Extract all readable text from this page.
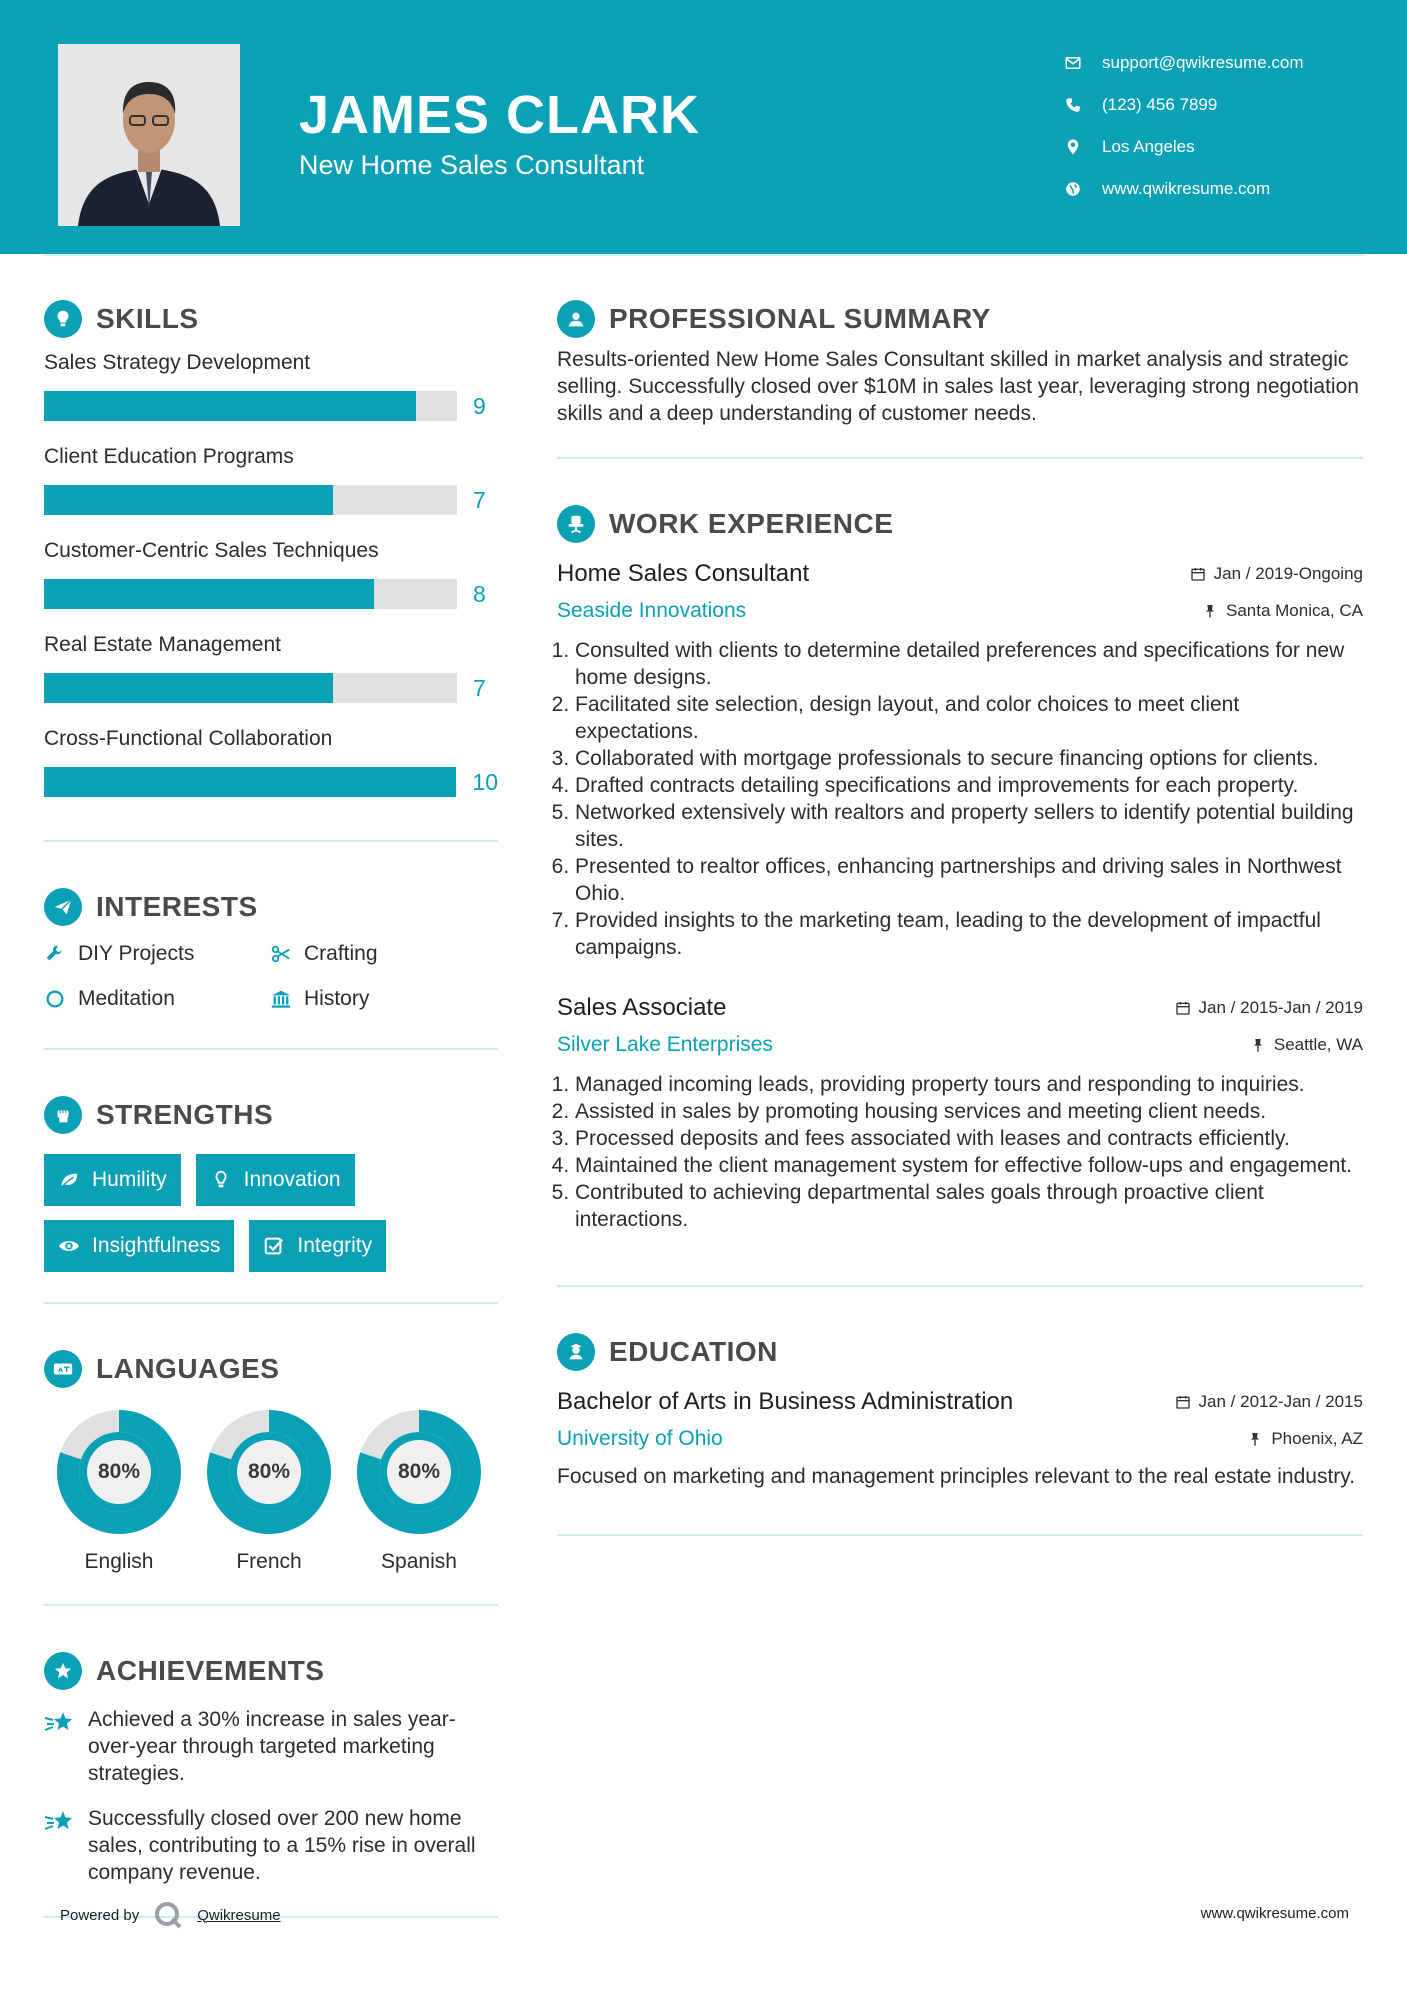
JAMES CLARK
New Home Sales Consultant
support@qwikresume.com
(123) 456 7899
Los Angeles
www.qwikresume.com
SKILLS
Sales Strategy Development
9
Client Education Programs
7
Customer-Centric Sales Techniques
8
Real Estate Management
7
Cross-Functional Collaboration
10
INTERESTS
DIY Projects	Crafting
Meditation	History
STRENGTHS
Humility	Innovation
Insightfulness	Integrity
A LANGUAGES
80%
English
80%
French
80%
Spanish
ACHIEVEMENTS
Achieved a 30% increase in sales year-over-year through targeted marketing strategies.
Successfully closed over 200 new home sales, contributing to a 15% rise in overall company revenue.
PROFESSIONAL SUMMARY
Results-oriented New Home Sales Consultant skilled in market analysis and strategic selling. Successfully closed over $10M in sales last year, leveraging strong negotiation skills and a deep understanding of customer needs.
WORK EXPERIENCE
Home Sales Consultant	Jan / 2019-Ongoing
Seaside Innovations	Santa Monica, CA
1. Consulted with clients to determine detailed preferences and specifications for new home designs.
2. Facilitated site selection, design layout, and color choices to meet client expectations.
3. Collaborated with mortgage professionals to secure financing options for clients.
4. Drafted contracts detailing specifications and improvements for each property.
5. Networked extensively with realtors and property sellers to identify potential building sites.
6. Presented to realtor offices, enhancing partnerships and driving sales in Northwest Ohio.
7. Provided insights to the marketing team, leading to the development of impactful campaigns.
Sales Associate	Jan / 2015-Jan / 2019
Silver Lake Enterprises	Seattle, WA
1. Managed incoming leads, providing property tours and responding to inquiries.
2. Assisted in sales by promoting housing services and meeting client needs.
3. Processed deposits and fees associated with leases and contracts efficiently.
4. Maintained the client management system for effective follow-ups and engagement.
5. Contributed to achieving departmental sales goals through proactive client interactions.
EDUCATION
Bachelor of Arts in Business Administration	Jan / 2012-Jan / 2015
University of Ohio	Phoenix, AZ
Focused on marketing and management principles relevant to the real estate industry.
Powered by	Qwikresume	www.qwikresume.com
